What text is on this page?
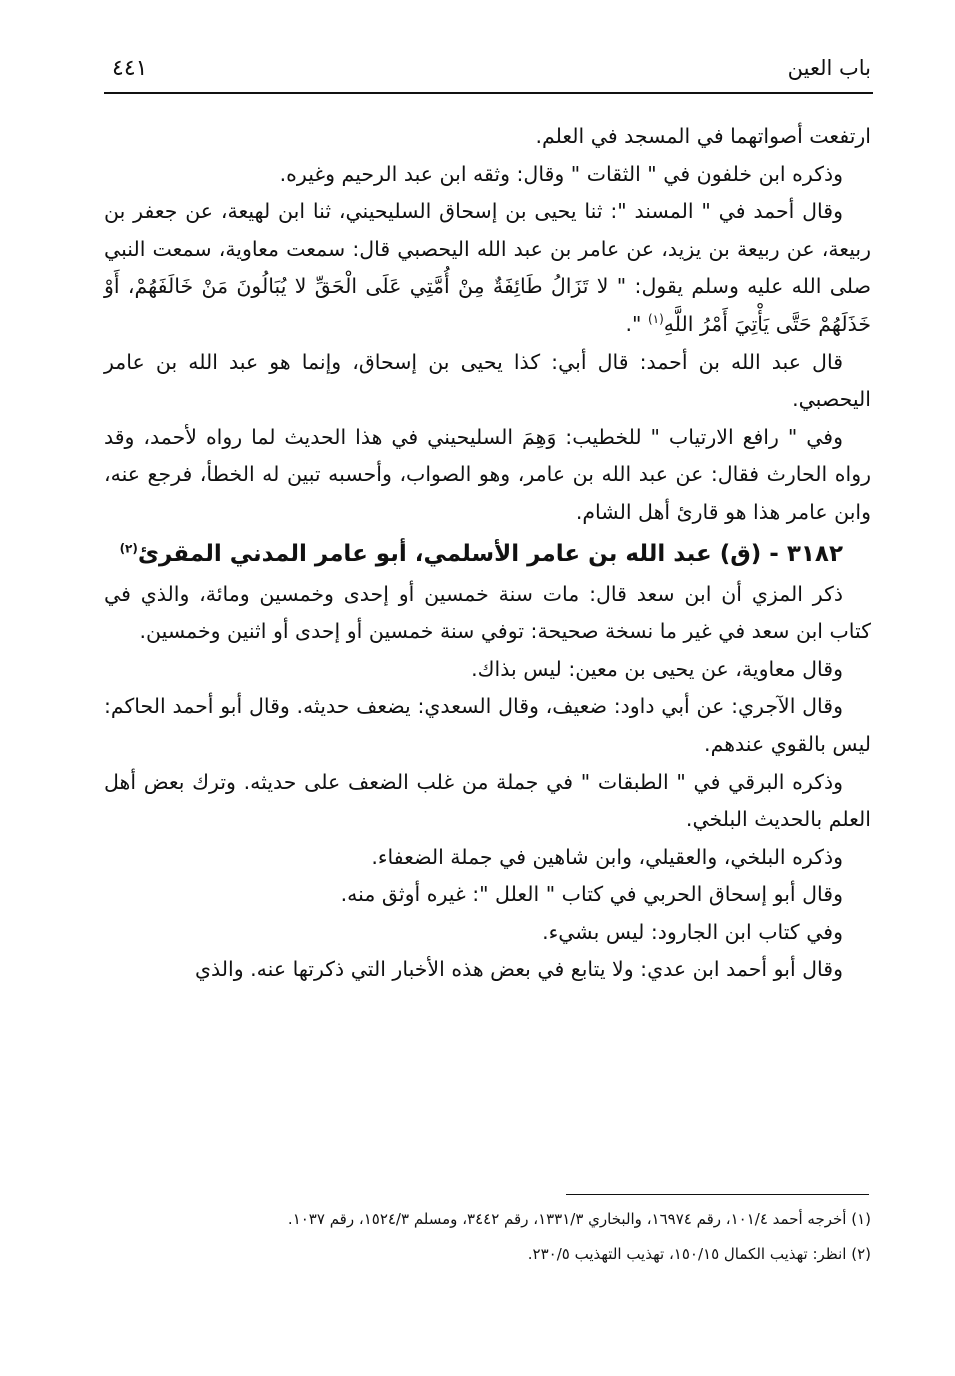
باب العين
٤٤١

ارتفعت أصواتهما في المسجد في العلم.

وذكره ابن خلفون في " الثقات " وقال: وثقه ابن عبد الرحيم وغيره.

وقال أحمد في " المسند ": ثنا يحيى بن إسحاق السليحيني، ثنا ابن لهيعة، عن جعفر بن ربيعة، عن ربيعة بن يزيد، عن عامر بن عبد الله اليحصبي قال: سمعت معاوية، سمعت النبي صلى الله عليه وسلم يقول: " لا تَزَالُ طَائِفَةٌ مِنْ أُمَّتِي عَلَى الْحَقِّ لا يُبَالُونَ مَنْ خَالَفَهُمْ، أَوْ خَذَلَهُمْ حَتَّى يَأْتِيَ أَمْرُ اللَّهِ$^{(١)}$ ".

قال عبد الله بن أحمد: قال أبي: كذا يحيى بن إسحاق، وإنما هو عبد الله بن عامر اليحصبي.

وفي " رافع الارتياب " للخطيب: وَهِمَ السليحيني في هذا الحديث لما رواه لأحمد، وقد رواه الحارث فقال: عن عبد الله بن عامر، وهو الصواب، وأحسبه تبين له الخطأ، فرجع عنه، وابن عامر هذا هو قارئ أهل الشام.

٣١٨٢ - (ق) عبد الله بن عامر الأسلمي، أبو عامر المدني المقرئ$^{(٢)}$

ذكر المزي أن ابن سعد قال: مات سنة خمسين أو إحدى وخمسين ومائة، والذي في كتاب ابن سعد في غير ما نسخة صحيحة: توفي سنة خمسين أو إحدى أو اثنين وخمسين.

وقال معاوية، عن يحيى بن معين: ليس بذاك.

وقال الآجري: عن أبي داود: ضعيف، وقال السعدي: يضعف حديثه. وقال أبو أحمد الحاكم: ليس بالقوي عندهم.

وذكره البرقي في " الطبقات " في جملة من غلب الضعف على حديثه. وترك بعض أهل العلم بالحديث البلخي.

وذكره البلخي، والعقيلي، وابن شاهين في جملة الضعفاء.

وقال أبو إسحاق الحربي في كتاب " العلل ": غيره أوثق منه.

وفي كتاب ابن الجارود: ليس بشيء.

وقال أبو أحمد ابن عدي: ولا يتابع في بعض هذه الأخبار التي ذكرتها عنه. والذي

(١) أخرجه أحمد ١٠١/٤، رقم ١٦٩٧٤، والبخاري ١٣٣١/٣، رقم ٣٤٤٢، ومسلم ١٥٢٤/٣، رقم ١٠٣٧.

(٢) انظر: تهذيب الكمال ١٥٠/١٥، تهذيب التهذيب ٢٣٠/٥.
